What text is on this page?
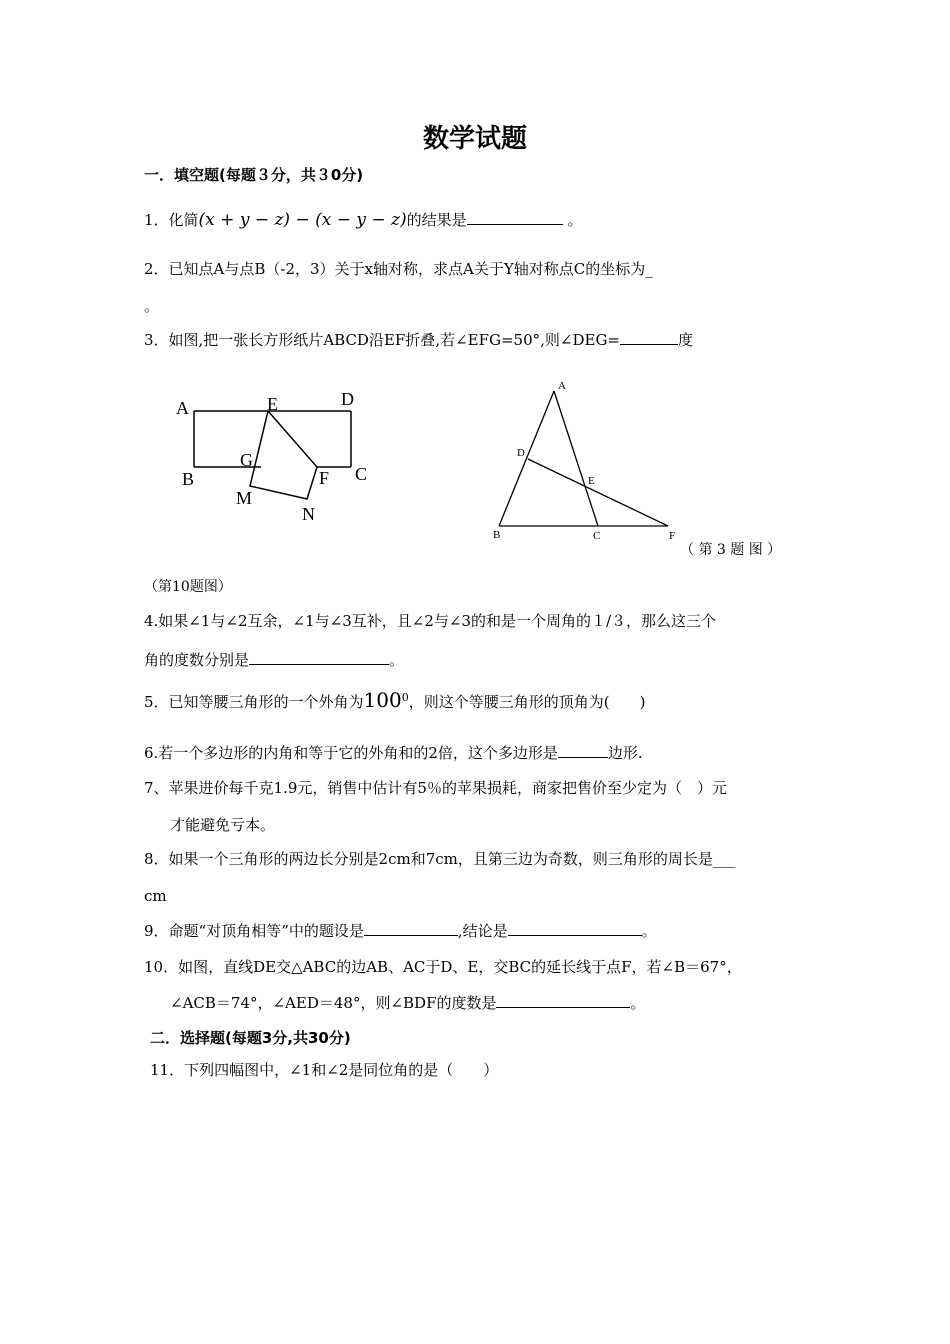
数学试题
一．填空题(每题３分，共３0分)
1．化简(x + y − z) − (x − y − z)的结果是	。
2．已知点A与点B（-2，3）关于x轴对称，求点A关于Y轴对称点C的坐标为_
。
3．如图,把一张长方形纸片ABCD沿EF折叠,若∠EFG=50°,则∠DEG=	度
A	E	D
B
G
F C
M
N
A
D
E
B	C	F
（ 第 3 题 图 ）
（第10题图）
4.如果∠1与∠2互余，∠1与∠3互补，且∠2与∠3的和是一个周角的１/３，那么这三个
角的度数分别是	。
5．已知等腰三角形的一个外角为$100^0$，则这个等腰三角形的顶角为(　　)
6.若一个多边形的内角和等于它的外角和的2倍，这个多边形是	边形.
7、苹果进价每千克1.9元，销售中估计有5％的苹果损耗，商家把售价至少定为（　）元
才能避免亏本。
8．如果一个三角形的两边长分别是2cm和7cm，且第三边为奇数，则三角形的周长是___
cm
9．命题“对顶角相等”中的题设是	,结论是	。
10．如图，直线DE交△ABC的边AB、AC于D、E，交BC的延长线于点F，若∠B＝67°，
∠ACB＝74°，∠AED＝48°，则∠BDF的度数是	。
二．选择题(每题3分,共30分)
11．下列四幅图中，∠1和∠2是同位角的是（　　）
